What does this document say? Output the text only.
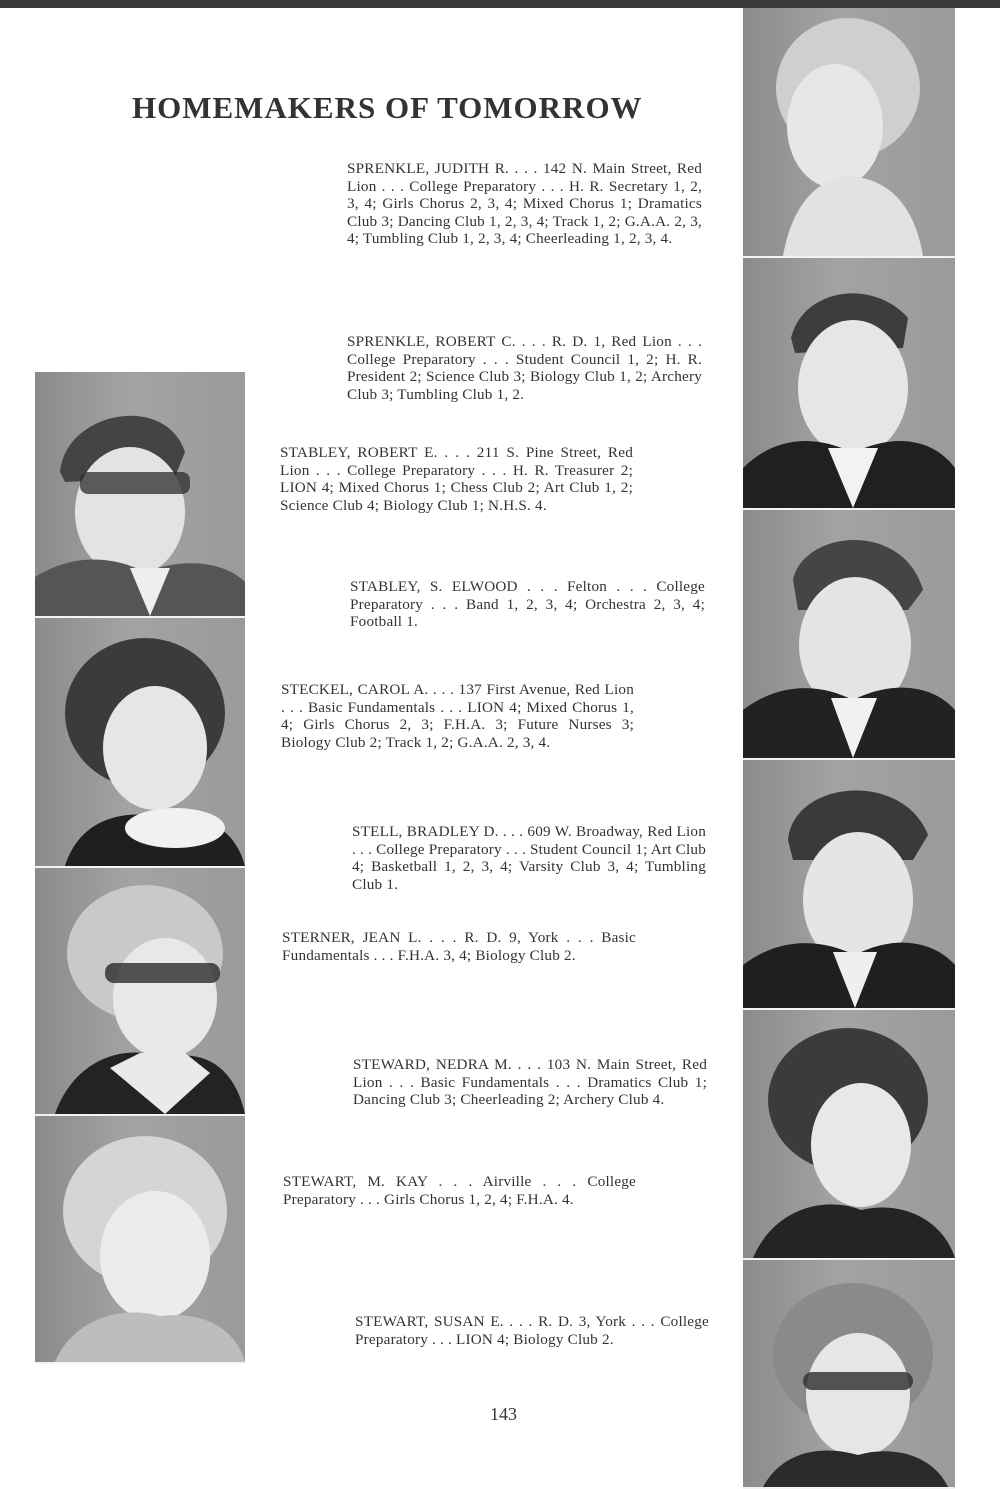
HOMEMAKERS OF TOMORROW
SPRENKLE, JUDITH R. . . . 142 N. Main Street, Red Lion . . . College Preparatory . . . H. R. Secretary 1, 2, 3, 4; Girls Chorus 2, 3, 4; Mixed Chorus 1; Dramatics Club 3; Dancing Club 1, 2, 3, 4; Track 1, 2; G.A.A. 2, 3, 4; Tumbling Club 1, 2, 3, 4; Cheerleading 1, 2, 3, 4.
SPRENKLE, ROBERT C. . . . R. D. 1, Red Lion . . . College Preparatory . . . Student Council 1, 2; H. R. President 2; Science Club 3; Biology Club 1, 2; Archery Club 3; Tumbling Club 1, 2.
STABLEY, ROBERT E. . . . 211 S. Pine Street, Red Lion . . . College Preparatory . . . H. R. Treasurer 2; LION 4; Mixed Chorus 1; Chess Club 2; Art Club 1, 2; Science Club 4; Biology Club 1; N.H.S. 4.
STABLEY, S. ELWOOD . . . Felton . . . College Preparatory . . . Band 1, 2, 3, 4; Orchestra 2, 3, 4; Football 1.
STECKEL, CAROL A. . . . 137 First Avenue, Red Lion . . . Basic Fundamentals . . . LION 4; Mixed Chorus 1, 4; Girls Chorus 2, 3; F.H.A. 3; Future Nurses 3; Biology Club 2; Track 1, 2; G.A.A. 2, 3, 4.
STELL, BRADLEY D. . . . 609 W. Broadway, Red Lion . . . College Preparatory . . . Student Council 1; Art Club 4; Basketball 1, 2, 3, 4; Varsity Club 3, 4; Tumbling Club 1.
STERNER, JEAN L. . . . R. D. 9, York . . . Basic Fundamentals . . . F.H.A. 3, 4; Biology Club 2.
STEWARD, NEDRA M. . . . 103 N. Main Street, Red Lion . . . Basic Fundamentals . . . Dramatics Club 1; Dancing Club 3; Cheerleading 2; Archery Club 4.
STEWART, M. KAY . . . Airville . . . College Preparatory . . . Girls Chorus 1, 2, 4; F.H.A. 4.
STEWART, SUSAN E. . . . R. D. 3, York . . . College Preparatory . . . LION 4; Biology Club 2.
143
